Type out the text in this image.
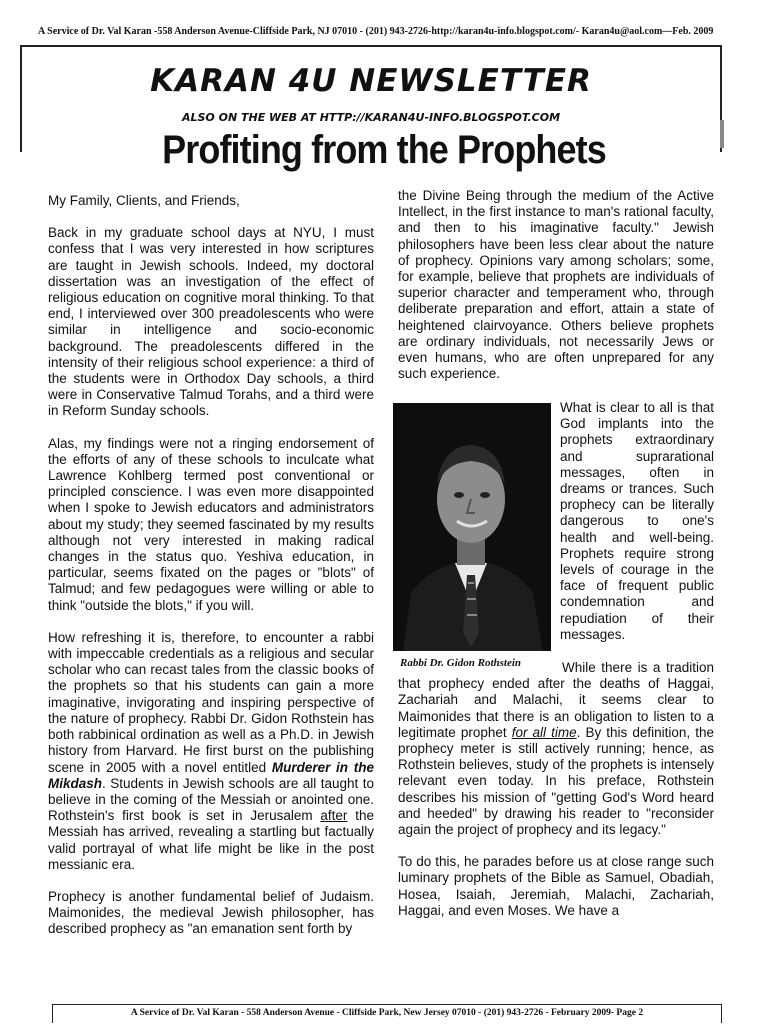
A Service of Dr. Val Karan -558 Anderson Avenue-Cliffside Park, NJ 07010 - (201) 943-2726-http://karan4u-info.blogspot.com/- Karan4u@aol.com—Feb. 2009
KARAN 4U NEWSLETTER
ALSO ON THE WEB AT HTTP://KARAN4U-INFO.BLOGSPOT.COM
Profiting from the Prophets

My Family, Clients, and Friends,

Back in my graduate school days at NYU, I must confess that I was very interested in how scriptures are taught in Jewish schools. Indeed, my doctoral dissertation was an investigation of the effect of religious education on cognitive moral thinking. To that end, I interviewed over 300 preadolescents who were similar in intelligence and socio-economic background. The preadolescents differed in the intensity of their religious school experience: a third of the students were in Orthodox Day schools, a third were in Conservative Talmud Torahs, and a third were in Reform Sunday schools.

Alas, my findings were not a ringing endorsement of the efforts of any of these schools to inculcate what Lawrence Kohlberg termed post conventional or principled conscience. I was even more disappointed when I spoke to Jewish educators and administrators about my study; they seemed fascinated by my results although not very interested in making radical changes in the status quo. Yeshiva education, in particular, seems fixated on the pages or "blots" of Talmud; and few pedagogues were willing or able to think "outside the blots," if you will.

How refreshing it is, therefore, to encounter a rabbi with impeccable credentials as a religious and secular scholar who can recast tales from the classic books of the prophets so that his students can gain a more imaginative, invigorating and inspiring perspective of the nature of prophecy. Rabbi Dr. Gidon Rothstein has both rabbinical ordination as well as a Ph.D. in Jewish history from Harvard. He first burst on the publishing scene in 2005 with a novel entitled Murderer in the Mikdash. Students in Jewish schools are all taught to believe in the coming of the Messiah or anointed one. Rothstein's first book is set in Jerusalem after the Messiah has arrived, revealing a startling but factually valid portrayal of what life might be like in the post messianic era.

Prophecy is another fundamental belief of Judaism. Maimonides, the medieval Jewish philosopher, has described prophecy as "an emanation sent forth by

the Divine Being through the medium of the Active Intellect, in the first instance to man's rational faculty, and then to his imaginative faculty." Jewish philosophers have been less clear about the nature of prophecy. Opinions vary among scholars; some, for example, believe that prophets are individuals of superior character and temperament who, through deliberate preparation and effort, attain a state of heightened clairvoyance. Others believe prophets are ordinary individuals, not necessarily Jews or even humans, who are often unprepared for any such experience.

What is clear to all is that God implants into the prophets extraordinary and suprarational messages, often in dreams or trances. Such prophecy can be literally dangerous to one's health and well-being. Prophets require strong levels of courage in the face of frequent public condemnation and repudiation of their messages.

Rabbi Dr. Gidon Rothstein	While there is a tradition that prophecy ended after the deaths of Haggai, Zachariah and Malachi, it seems clear to Maimonides that there is an obligation to listen to a legitimate prophet for all time. By this definition, the prophecy meter is still actively running; hence, as Rothstein believes, study of the prophets is intensely relevant even today. In his preface, Rothstein describes his mission of "getting God's Word heard and heeded" by drawing his reader to "reconsider again the project of prophecy and its legacy."

To do this, he parades before us at close range such luminary prophets of the Bible as Samuel, Obadiah, Hosea, Isaiah, Jeremiah, Malachi, Zachariah, Haggai, and even Moses. We have a

A Service of Dr. Val Karan - 558 Anderson Avenue - Cliffside Park, New Jersey 07010 - (201) 943-2726 - February 2009- Page 2
